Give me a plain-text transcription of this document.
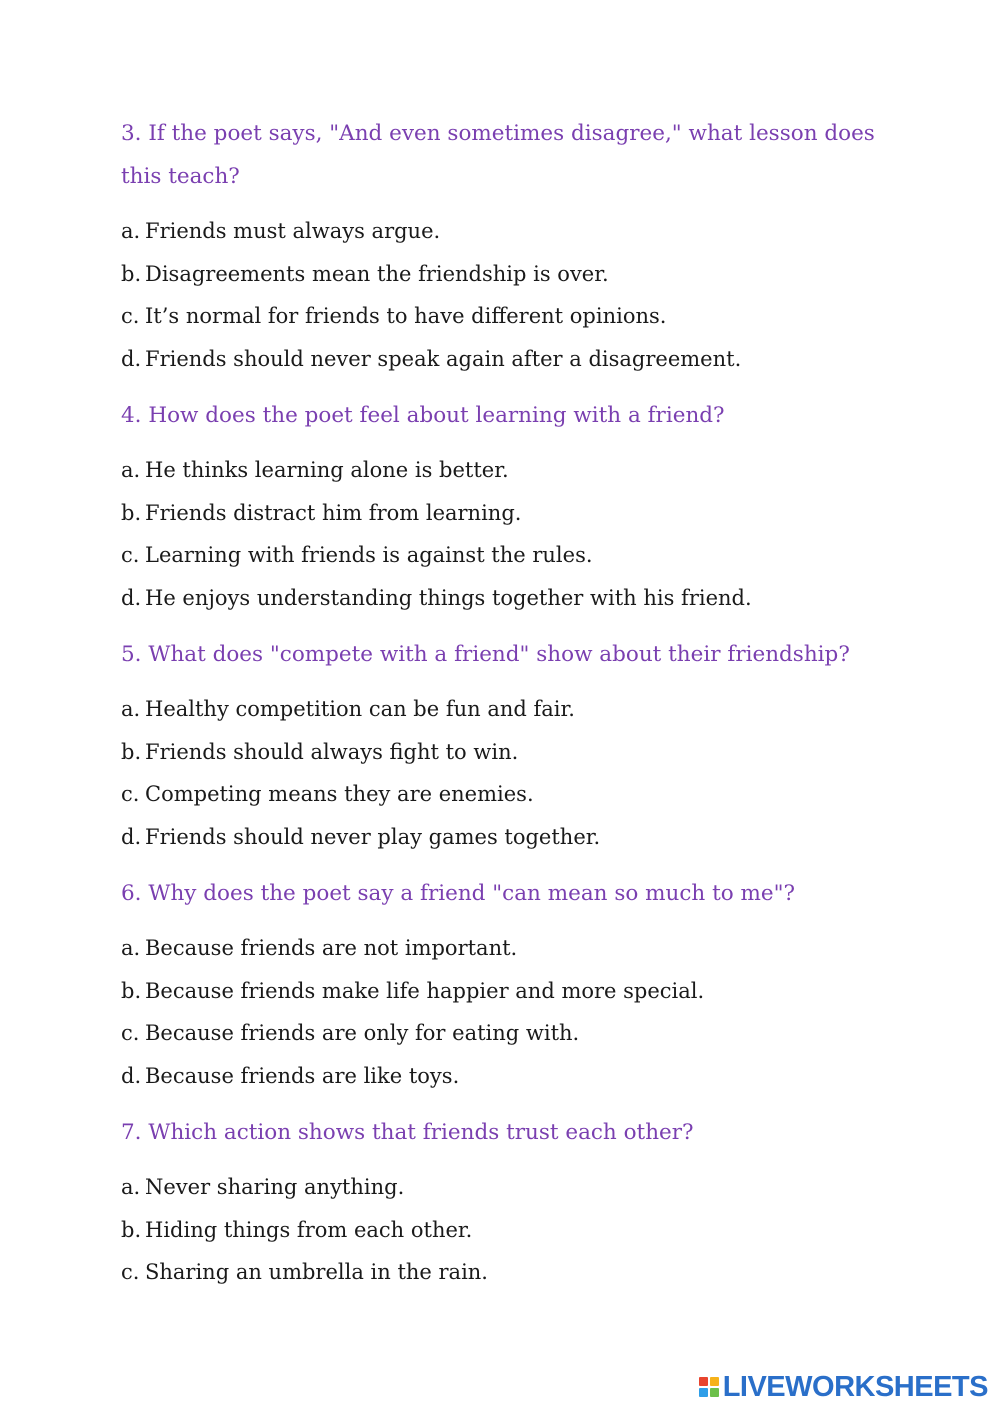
3. If the poet says, "And even sometimes disagree," what lesson does this teach?

a. Friends must always argue.
b. Disagreements mean the friendship is over.
c. It’s normal for friends to have different opinions.
d. Friends should never speak again after a disagreement.

4. How does the poet feel about learning with a friend?

a. He thinks learning alone is better.
b. Friends distract him from learning.
c. Learning with friends is against the rules.
d. He enjoys understanding things together with his friend.

5. What does "compete with a friend" show about their friendship?

a. Healthy competition can be fun and fair.
b. Friends should always fight to win.
c. Competing means they are enemies.
d. Friends should never play games together.

6. Why does the poet say a friend "can mean so much to me"?

a. Because friends are not important.
b. Because friends make life happier and more special.
c. Because friends are only for eating with.
d. Because friends are like toys.

7. Which action shows that friends trust each other?

a. Never sharing anything.
b. Hiding things from each other.
c. Sharing an umbrella in the rain.
LIVEWORKSHEETS
